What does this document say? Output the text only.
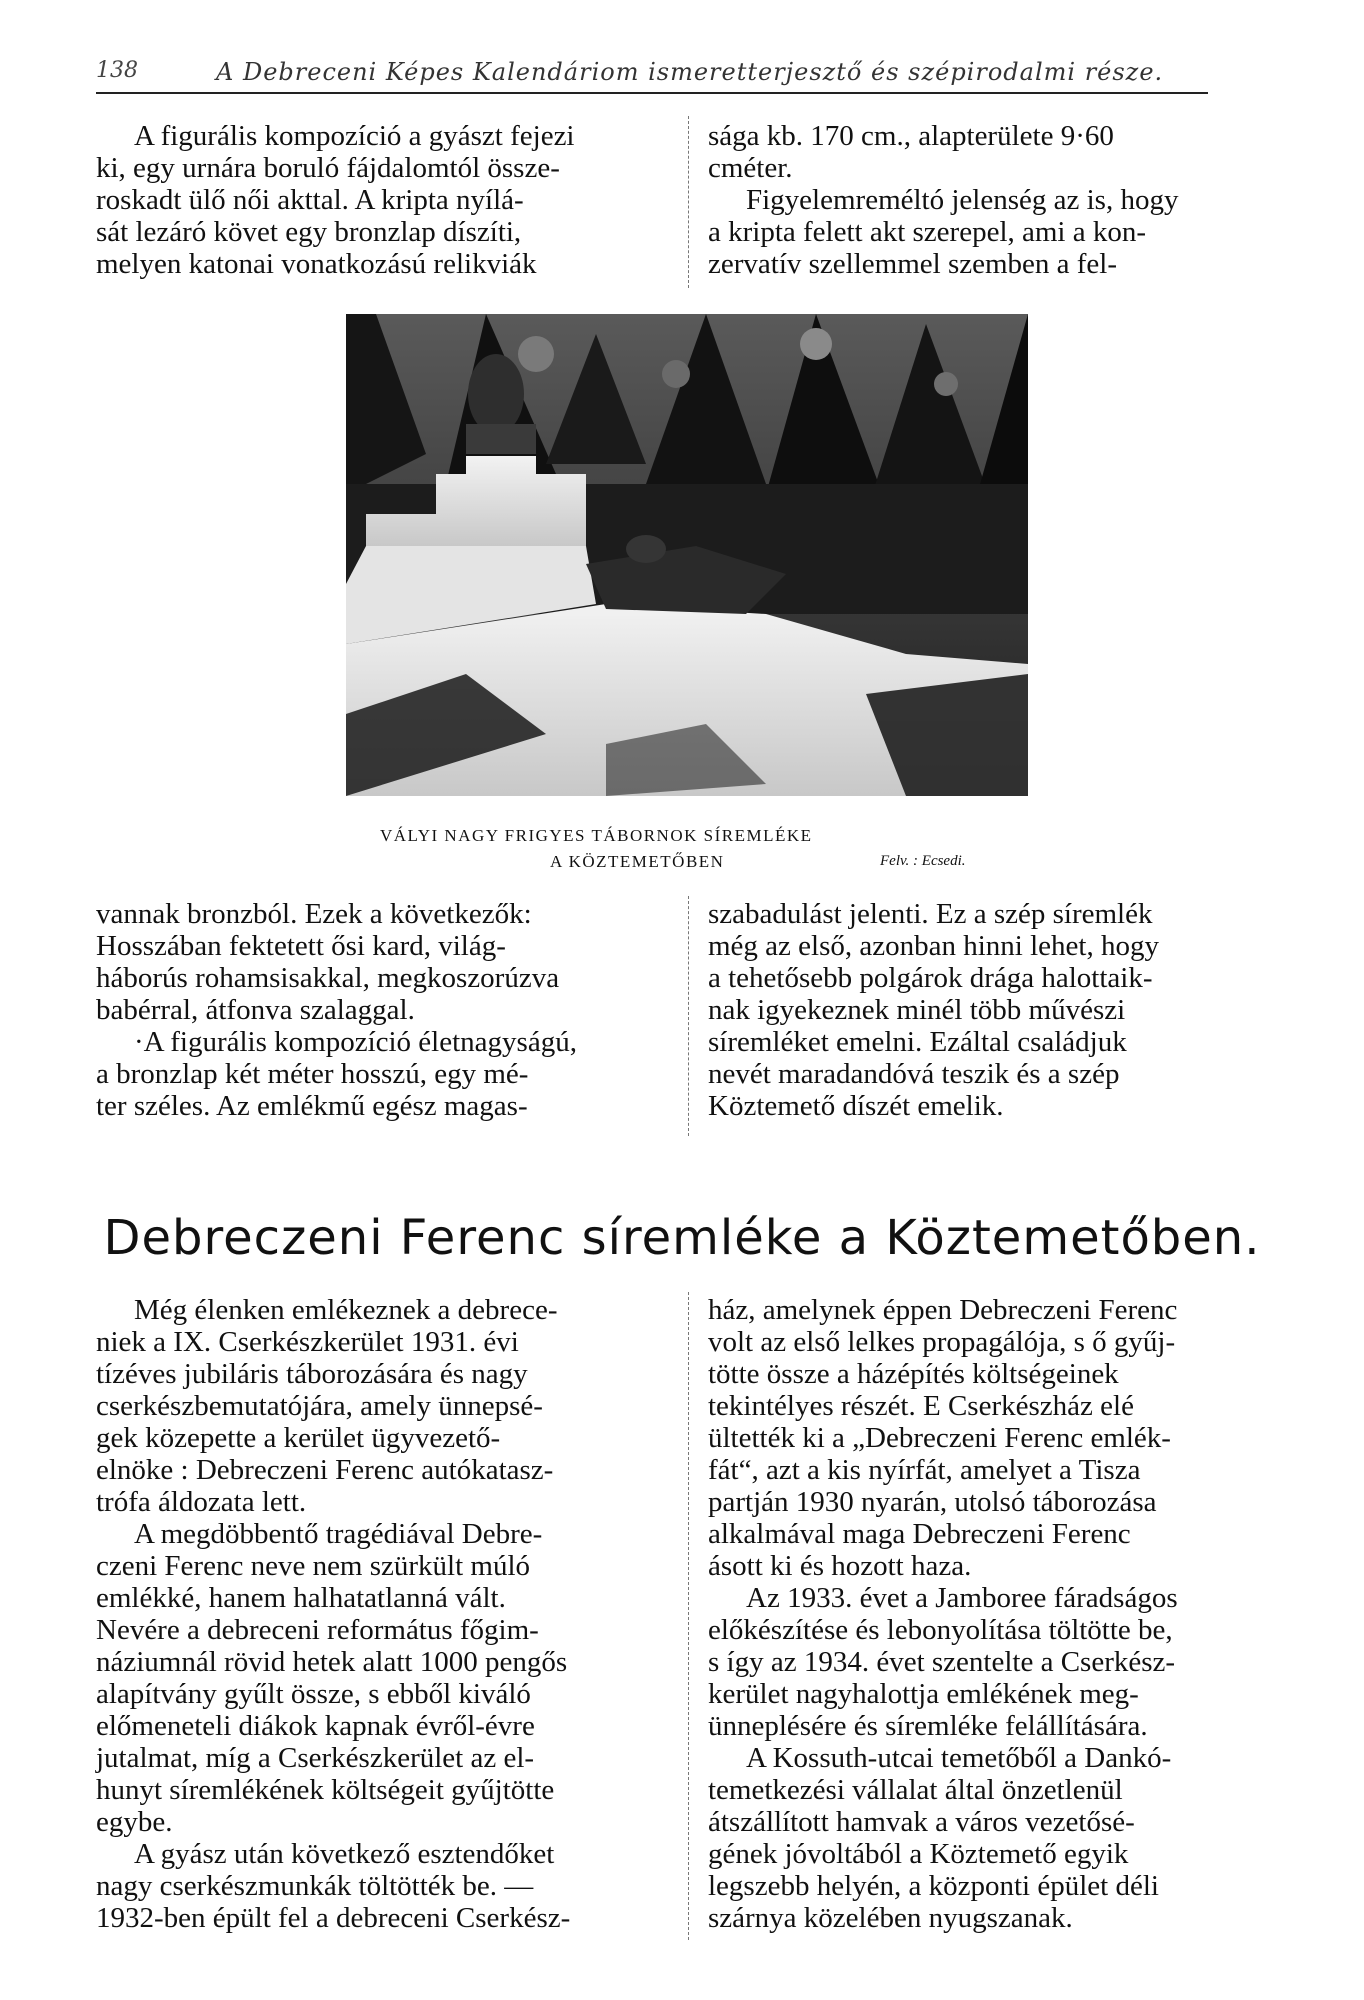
138	A Debreceni Képes Kalendáriom ismeretterjesztő és szépirodalmi része.

A figurális kompozíció a gyászt fejezi

ki, egy urnára boruló fájdalomtól össze-

roskadt ülő női akttal. A kripta nyílá-

sát lezáró követ egy bronzlap díszíti,

melyen katonai vonatkozású relikviák

sága kb. 170 cm., alapterülete 9·60

cméter.

Figyelemreméltó jelenség az is, hogy

a kripta felett akt szerepel, ami a kon-

zervatív szellemmel szemben a fel-

VÁLYI NAGY FRIGYES TÁBORNOK SÍREMLÉKE
A KÖZTEMETŐBEN	Felv. : Ecsedi.

vannak bronzból. Ezek a következők:

Hosszában fektetett ősi kard, világ-

háborús rohamsisakkal, megkoszorúzva

babérral, átfonva szalaggal.

·A figurális kompozíció életnagyságú,

a bronzlap két méter hosszú, egy mé-

ter széles. Az emlékmű egész magas-

szabadulást jelenti. Ez a szép síremlék

még az első, azonban hinni lehet, hogy

a tehetősebb polgárok drága halottaik-

nak igyekeznek minél több művészi

síremléket emelni. Ezáltal családjuk

nevét maradandóvá teszik és a szép

Köztemető díszét emelik.

Debreczeni Ferenc síremléke a Köztemetőben.

Még élenken emlékeznek a debrece-

niek a IX. Cserkészkerület 1931. évi

tízéves jubiláris táborozására és nagy

cserkészbemutatójára, amely ünnepsé-

gek közepette a kerület ügyvezető-

elnöke : Debreczeni Ferenc autókatasz-

trófa áldozata lett.

A megdöbbentő tragédiával Debre-

czeni Ferenc neve nem szürkült múló

emlékké, hanem halhatatlanná vált.

Nevére a debreceni református főgim-

náziumnál rövid hetek alatt 1000 pengős

alapítvány gyűlt össze, s ebből kiváló

előmeneteli diákok kapnak évről-évre

jutalmat, míg a Cserkészkerület az el-

hunyt síremlékének költségeit gyűjtötte

egybe.

A gyász után következő esztendőket

nagy cserkészmunkák töltötték be. —

1932-ben épült fel a debreceni Cserkész-

ház, amelynek éppen Debreczeni Ferenc

volt az első lelkes propagálója, s ő gyűj-

tötte össze a házépítés költségeinek

tekintélyes részét. E Cserkészház elé

ültették ki a „Debreczeni Ferenc emlék-

fát“, azt a kis nyírfát, amelyet a Tisza

partján 1930 nyarán, utolsó táborozása

alkalmával maga Debreczeni Ferenc

ásott ki és hozott haza.

Az 1933. évet a Jamboree fáradságos

előkészítése és lebonyolítása töltötte be,

s így az 1934. évet szentelte a Cserkész-

kerület nagyhalottja emlékének meg-

ünneplésére és síremléke felállítására.

A Kossuth-utcai temetőből a Dankó-

temetkezési vállalat által önzetlenül

átszállított hamvak a város vezetősé-

gének jóvoltából a Köztemető egyik

legszebb helyén, a központi épület déli

szárnya közelében nyugszanak.
